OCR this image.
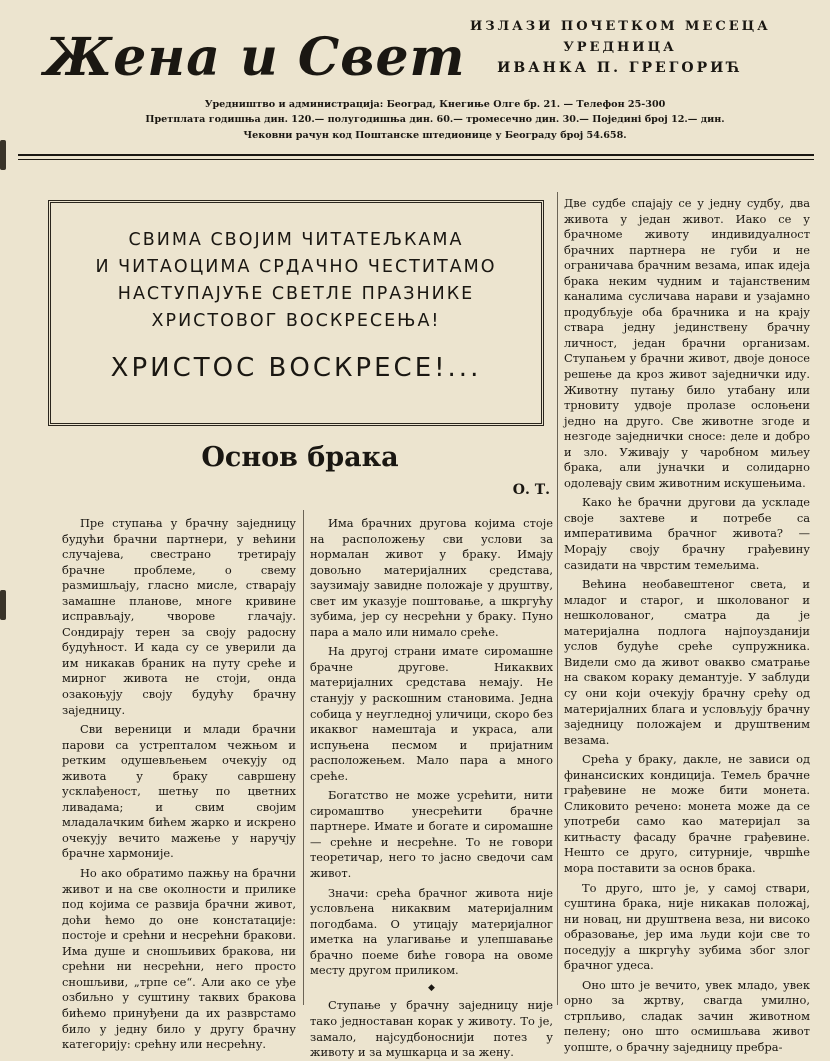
Жена и Свет
ИЗЛАЗИ ПОЧЕТКОМ МЕСЕЦА
УРЕДНИЦА
ИВАНКА П. ГРЕГОРИЋ
Уредништво и администрација: Београд, Кнегиње Олге бр. 21. — Телефон 25-300
Претплата годишња дин. 120.— полугодишња дин. 60.— тромесечно дин. 30.— Појединi број 12.— дин.
Чековни рачун код Поштанске штедионице у Београду број 54.658.
СВИМА СВОЈИМ ЧИТАТЕЉКАМА
И ЧИТАОЦИМА СРДАЧНО ЧЕСТИТАМО
НАСТУПАЈУЋЕ СВЕТЛЕ ПРАЗНИКЕ
ХРИСТОВОГ ВОСКРЕСЕЊА!
ХРИСТОС ВОСКРЕСЕ!...
Основ брака
О. Т.

Пре ступања у брачну заједницу будући брачни партнери, у већини случајева, свестрано третирају брачне проблеме, о свему размишљају, гласно мисле, стварају замашне планове, многе кривине исправљају, чворове глачају. Сондирају терен за своју радосну будућност. И када су се уверили да им никакав браник на путу среће и мирног живота не стоји, онда озакоњују своју будућу брачну заједницу.

Сви вереници и млади брачни парови са устрепталом чежњом и ретким одушевљењем очекују од живота у браку савршену усклађеност, шетњу по цветних ливадама; и свим својим младалачким бићем жарко и искрено очекују вечито мажење у наручју брачне хармоније.

Но ако обратимо пажњу на брачни живот и на све околности и прилике под којима се развија брачни живот, доћи ћемо до оне констатације: постоје и срећни и несрећни бракови. Има душе и сношљивих бракова, ни срећни ни несрећни, него просто сношљиви, „трпе се“. Али ако се уђе озбиљно у суштину таквих бракова бићемо принуђени да их разврстамо било у једну било у другу брачну категорију: срећну или несрећну.

Има брачних другова којима стоје на расположењу сви услови за нормалан живот у браку. Имају довољно материјалних средстава, заузимају завидне положаје у друштву, свет им указује поштовање, а шкргућу зубима, јер су несрећни у браку. Пуно пара а мало или нимало среће.

На другој страни имате сиромашне брачне другове. Никаквих материјалних средстава немају. Не станују у раскошним становима. Једна собица у неугледној уличици, скоро без икаквог намештаја и украса, али испуњена песмом и пријатним расположењем. Мало пара а много среће.

Богатство не може усрећити, нити сиромаштво унесрећити брачне партнере. Имате и богате и сиромашне — срећне и несрећне. То не говори теоретичар, него то јасно сведочи сам живот.

Значи: срећа брачног живота није условљена никаквим материјалним погодбама. О утицају материјалног иметка на улагивање и улепшавање брачно поеме биће говора на овоме месту другом приликом.

◆

Ступање у брачну заједницу није тако једноставан корак у животу. То је, замало, најсудбоноснији потез у животу и за мушкарца и за жену.

Две судбе спајају се у једну судбу, два живота у један живот. Иако се у брачноме животу индивидуалност брачних партнера не губи и не ограничава брачним везама, ипак идеја брака неким чудним и тајанственим каналима сусличава нарави и узајамно продубљује оба брачника и на крају ствара једну јединствену брачну личност, један брачни организам. Ступањем у брачни живот, двоје доносе решење да кроз живот заједнички иду. Животну путању било утабану или трновиту удвоје пролазе ослоњени једно на друго. Све животне згоде и незгоде заједнички сносе: деле и добро и зло. Уживају у чаробном миљеу брака, али јуначки и солидарно одолевају свим животним искушењима.

Како ће брачни другови да ускладе своје захтеве и потребе са императивима брачног живота? — Морају своју брачну грађевину сазидати на чврстим темељима.

Већина необавештеног света, и младог и старог, и школованог и нешколованог, сматра да је материјална подлога најпоузданији услов будуће среће супружника. Видели смо да живот овакво сматрање на сваком кораку демантује. У заблуди су они који очекују брачну срећу од материјалних блага и условљују брачну заједницу положајем и друштвеним везама.

Срећа у браку, дакле, не зависи од финансиских кондиција. Темељ брачне грађевине не може бити монета. Сликовито речено: монета може да се употреби само као материјал за китњасту фасаду брачне грађевине. Нешто се друго, ситурније, чвршће мора поставити за основ брака.

То друго, што је, у самој ствари, суштина брака, није никакав положај, ни новац, ни друштвена веза, ни високо образовање, јер има људи који све то поседују а шкргућу зубима због злог брачног удеса.

Оно што је вечито, увек младо, увек орно за жртву, свагда умилно, стрпљиво, сладак зачин животном пелену; оно што осмишљава живот уопште, о брачну заједницу пребра-
